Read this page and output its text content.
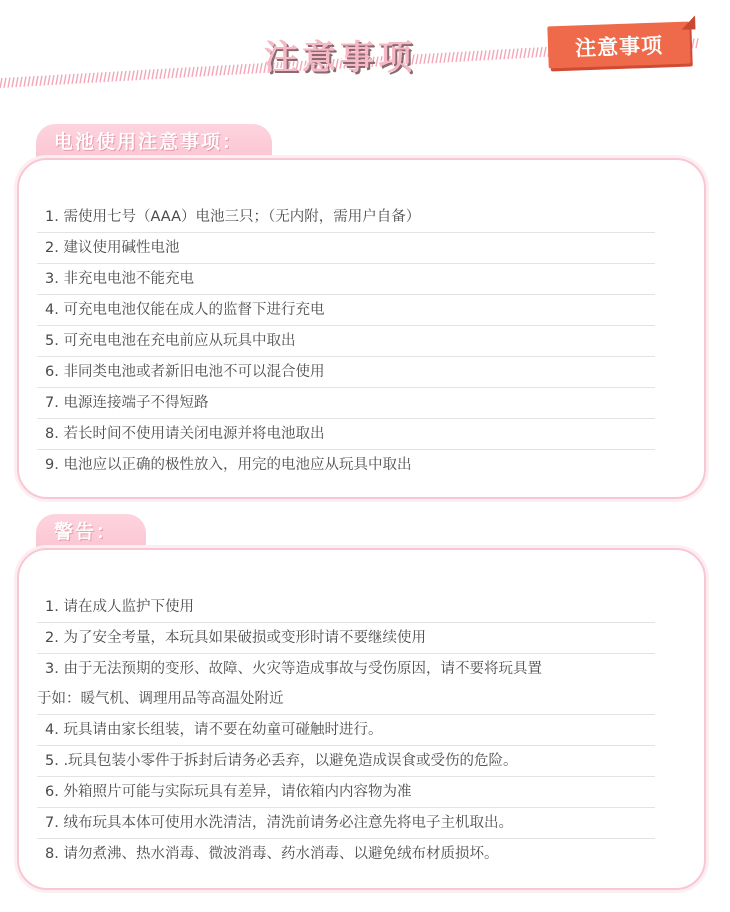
注意事项	注意事项
电池使用注意事项：
1. 需使用七号（AAA）电池三只；（无内附，需用户自备）
2. 建议使用碱性电池
3. 非充电电池不能充电
4. 可充电电池仅能在成人的监督下进行充电
5. 可充电电池在充电前应从玩具中取出
6. 非同类电池或者新旧电池不可以混合使用
7. 电源连接端子不得短路
8. 若长时间不使用请关闭电源并将电池取出
9. 电池应以正确的极性放入，用完的电池应从玩具中取出
警告：
1. 请在成人监护下使用
2. 为了安全考量，本玩具如果破损或变形时请不要继续使用
3. 由于无法预期的变形、故障、火灾等造成事故与受伤原因，请不要将玩具置
于如：暖气机、调理用品等高温处附近
4. 玩具请由家长组装，请不要在幼童可碰触时进行。
5. .玩具包装小零件于拆封后请务必丢弃，以避免造成误食或受伤的危险。
6. 外箱照片可能与实际玩具有差异，请依箱内内容物为准
7. 绒布玩具本体可使用水洗清洁，清洗前请务必注意先将电子主机取出。
8. 请勿煮沸、热水消毒、微波消毒、药水消毒、以避免绒布材质损坏。
